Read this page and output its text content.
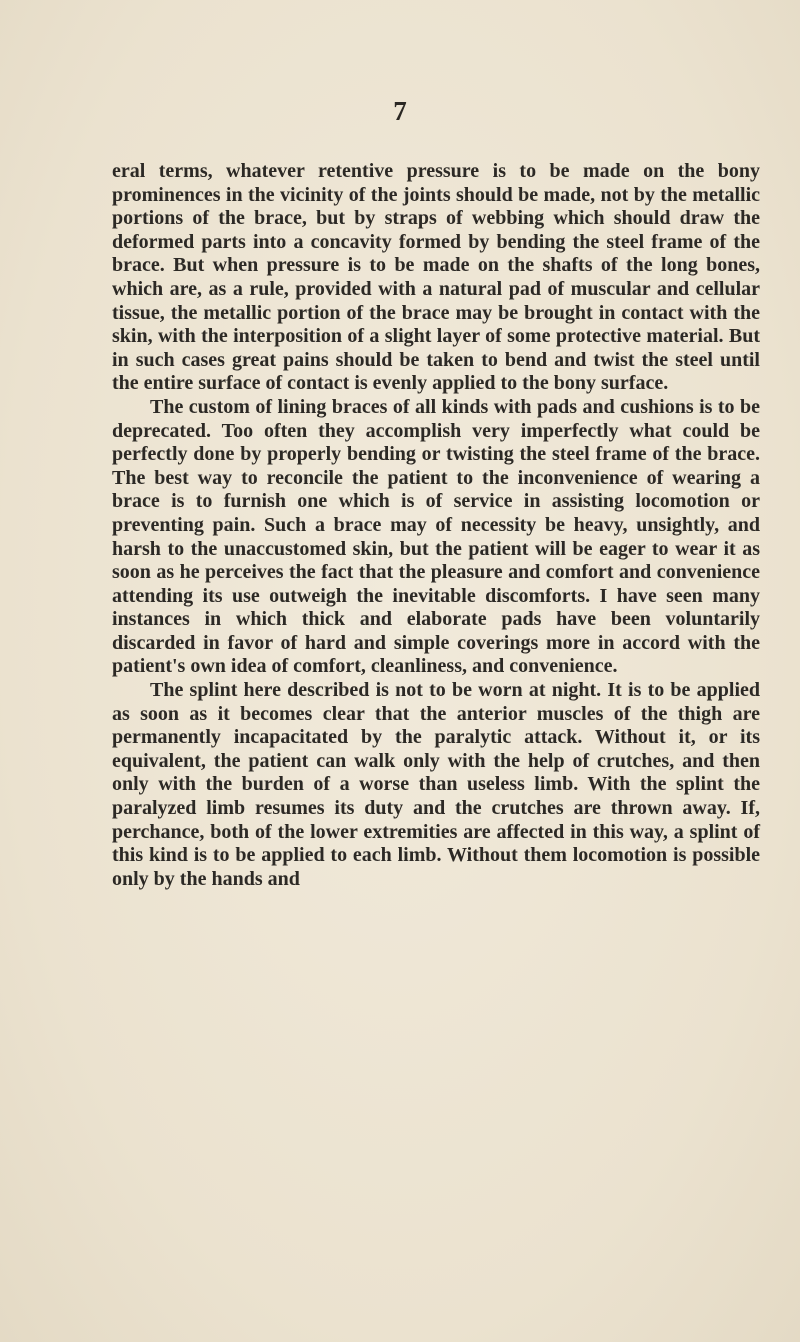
7

eral terms, whatever retentive pressure is to be made on the bony prominences in the vicinity of the joints should be made, not by the metallic portions of the brace, but by straps of webbing which should draw the deformed parts into a concavity formed by bending the steel frame of the brace. But when pressure is to be made on the shafts of the long bones, which are, as a rule, provided with a natural pad of muscular and cellular tissue, the metallic portion of the brace may be brought in contact with the skin, with the interposition of a slight layer of some protective material. But in such cases great pains should be taken to bend and twist the steel until the entire surface of contact is evenly applied to the bony surface.

The custom of lining braces of all kinds with pads and cushions is to be deprecated. Too often they accomplish very imperfectly what could be perfectly done by properly bending or twisting the steel frame of the brace. The best way to reconcile the patient to the inconvenience of wearing a brace is to furnish one which is of service in assisting locomotion or preventing pain. Such a brace may of necessity be heavy, unsightly, and harsh to the unaccustomed skin, but the patient will be eager to wear it as soon as he perceives the fact that the pleasure and comfort and convenience attending its use outweigh the inevitable discomforts. I have seen many instances in which thick and elaborate pads have been voluntarily discarded in favor of hard and simple coverings more in accord with the patient's own idea of comfort, cleanliness, and convenience.

The splint here described is not to be worn at night. It is to be applied as soon as it becomes clear that the anterior muscles of the thigh are permanently incapacitated by the paralytic attack. Without it, or its equivalent, the patient can walk only with the help of crutches, and then only with the burden of a worse than useless limb. With the splint the paralyzed limb resumes its duty and the crutches are thrown away. If, perchance, both of the lower extremities are affected in this way, a splint of this kind is to be applied to each limb. Without them locomotion is possible only by the hands and
